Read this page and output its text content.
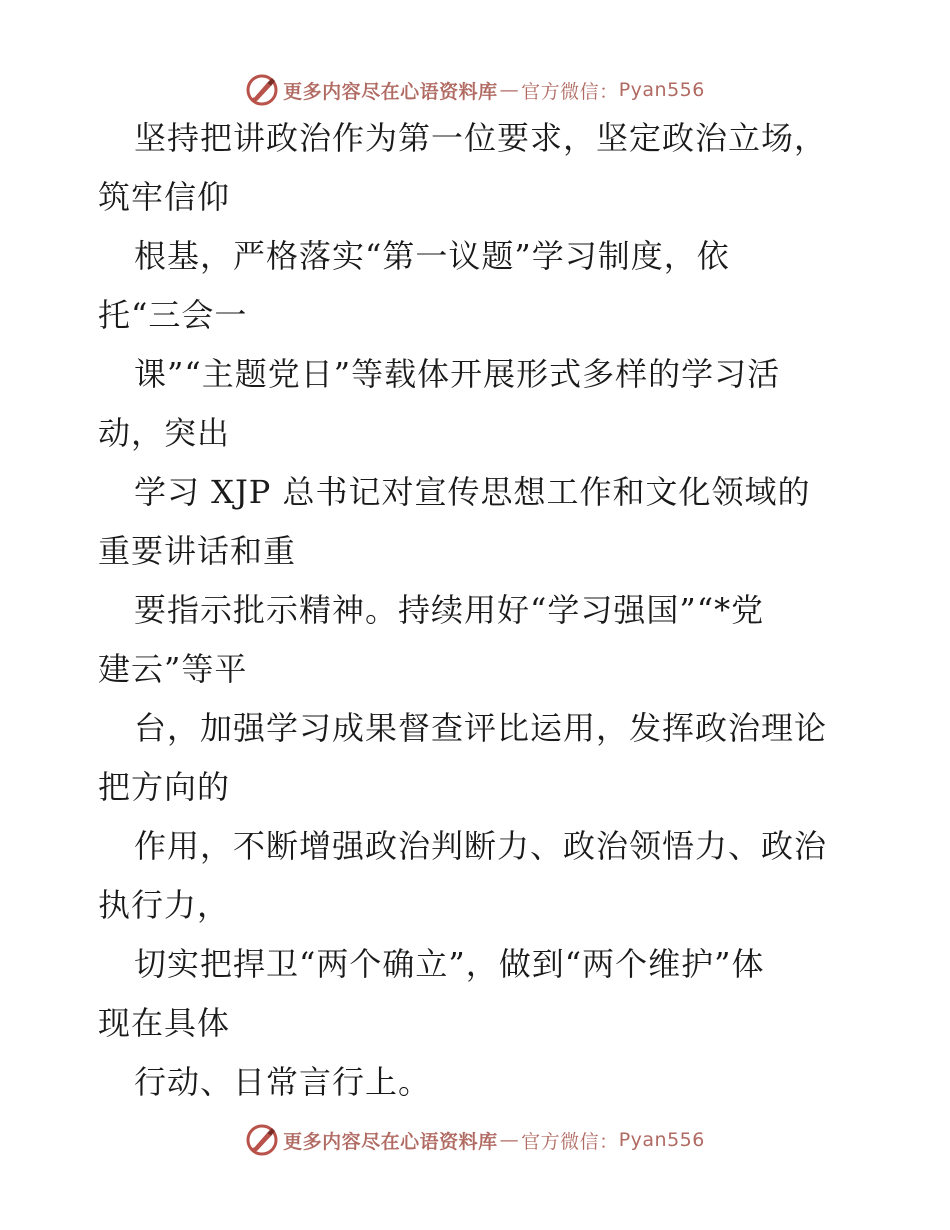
更多内容尽在心语资料库 — 官方微信： Pyan556
坚持把讲政治作为第一位要求，坚定政治立场，
筑牢信仰
根基，严格落实“第一议题”学习制度，依
托“三会一
课”“主题党日”等载体开展形式多样的学习活
动，突出
学习 XJP 总书记对宣传思想工作和文化领域的
重要讲话和重
要指示批示精神。持续用好“学习强国”“*党
建云”等平
台，加强学习成果督查评比运用，发挥政治理论
把方向的
作用，不断增强政治判断力、政治领悟力、政治
执行力，
切实把捍卫“两个确立”，做到“两个维护”体
现在具体
行动、日常言行上。
更多内容尽在心语资料库 — 官方微信： Pyan556
